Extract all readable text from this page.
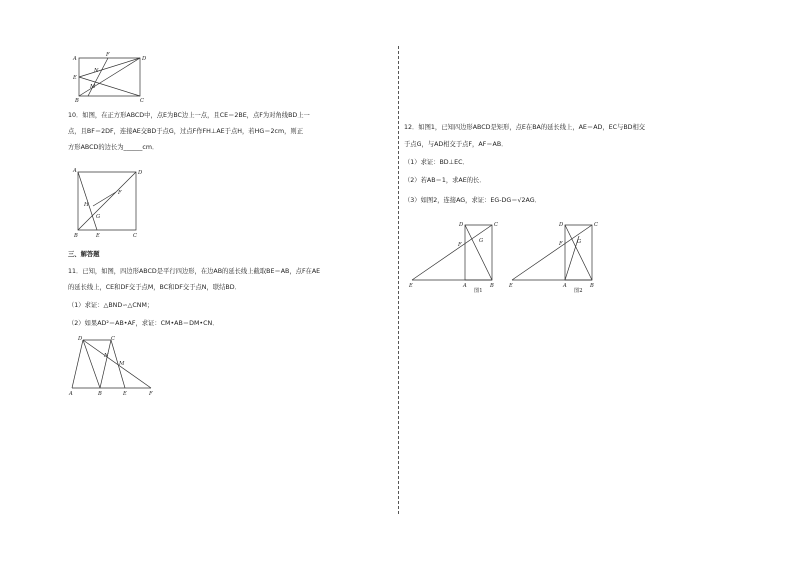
A
F
D
E
N
M
B	C
10．如图，在正方形ABCD中，点E为BC边上一点，且CE＝2BE，点F为对角线BD上一
点，且BF＝2DF，连接AE交BD于点G，过点F作FH⊥AE于点H，若HG＝2cm，则正
方形ABCD的边长为______cm．
A	D
F
H
G
B	E	C
三、解答题
11．已知，如图，四边形ABCD是平行四边形，在边AB的延长线上截取BE＝AB，点F在AE
的延长线上，CE和DF交于点M，BC和DF交于点N，联结BD．
（1）求证：△BND∽△CNM；
（2）如果AD²＝AB•AF，求证：CM•AB＝DM•CN．
D	C
N
M
A	B	E	F
12．如图1，已知四边形ABCD是矩形，点E在BA的延长线上，AE＝AD，EC与BD相交
于点G，与AD相交于点F，AF＝AB．
（1）求证：BD⊥EC．
（2）若AB＝1，求AE的长．
（3）如图2，连接AG，求证：EG-DG＝√2AG．
D	C
F
G
E	A	B
图1
D	C
F	G
E	A	B
图2
